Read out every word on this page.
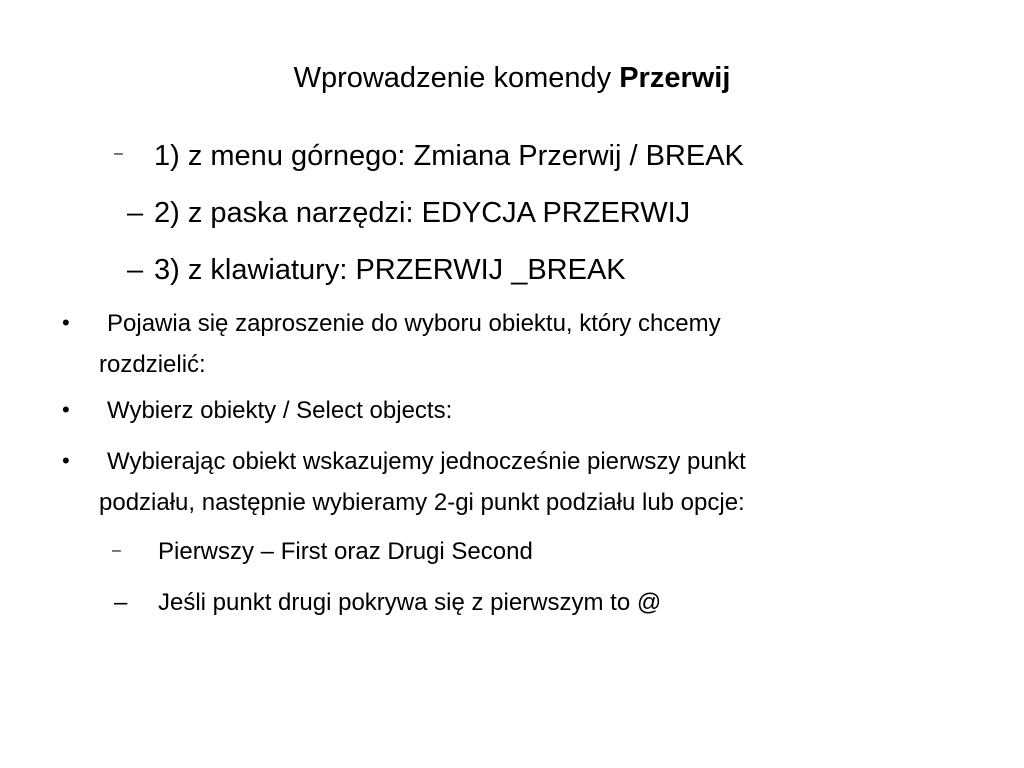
Wprowadzenie komendy Przerwij
– 1) z menu górnego: Zmiana Przerwij / BREAK
– 2) z paska narzędzi: EDYCJA PRZERWIJ
– 3) z klawiatury: PRZERWIJ _BREAK
• Pojawia się zaproszenie do wyboru obiektu, który chcemy
rozdzielić:
• Wybierz obiekty / Select objects:
• Wybierając obiekt wskazujemy jednocześnie pierwszy punkt
podziału, następnie wybieramy 2-gi punkt podziału lub opcje:
– Pierwszy – First oraz Drugi Second
– Jeśli punkt drugi pokrywa się z pierwszym to @
